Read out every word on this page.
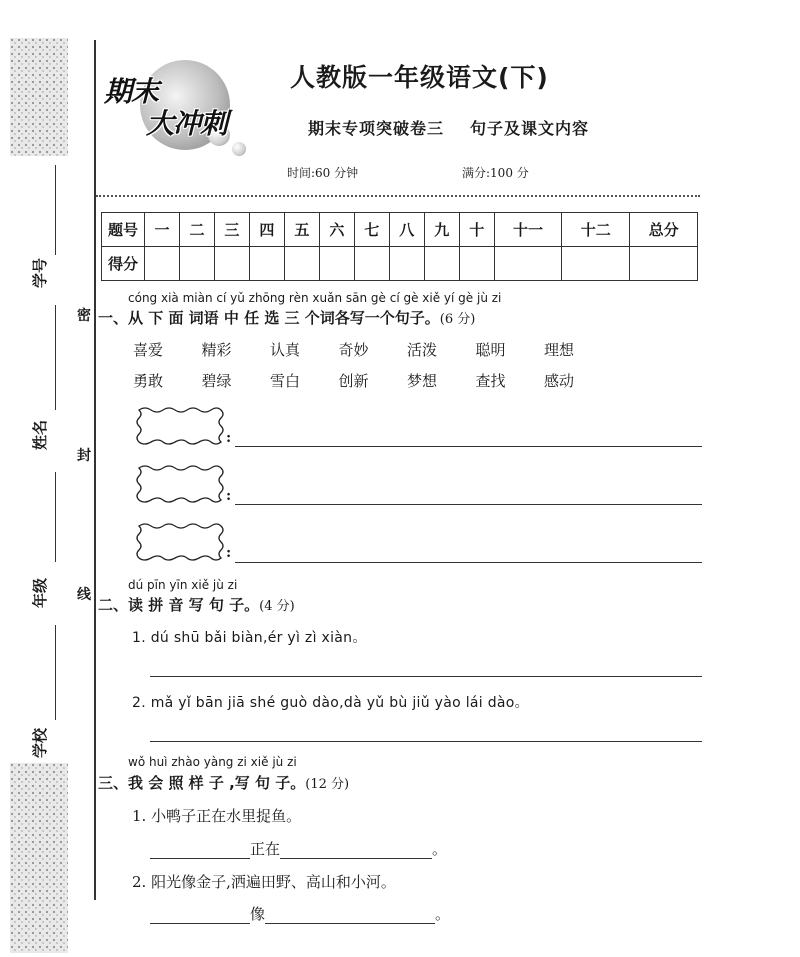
学号
姓名
年级
学校
密
封
线
期末
大冲刺
人教版一年级语文(下)
期末专项突破卷三 句子及课文内容
时间:60 分钟	满分:100 分
题号	一	二	三	四	五	六	七	八	九	十	十一	十二	总分
得分													
cóng xià miàn cí yǔ zhōng rèn xuǎn sān gè cí gè xiě yí gè jù zi
一、从 下 面 词语 中 任 选 三 个词各写一个句子。(6 分)
喜爱	精彩	认真	奇妙	活泼	聪明	理想
勇敢	碧绿	雪白	创新	梦想	查找	感动
:
:
:
dú pīn yīn xiě jù zi
二、读 拼 音 写 句 子。(4 分)
1. dú shū bǎi biàn,ér yì zì xiàn。
2. mǎ yǐ bān jiā shé guò dào,dà yǔ bù jiǔ yào lái dào。
wǒ huì zhào yàng zi xiě jù zi
三、我 会 照 样 子 ,写 句 子。(12 分)
1. 小鸭子正在水里捉鱼。
正在	。
2. 阳光像金子,洒遍田野、高山和小河。
像	。
